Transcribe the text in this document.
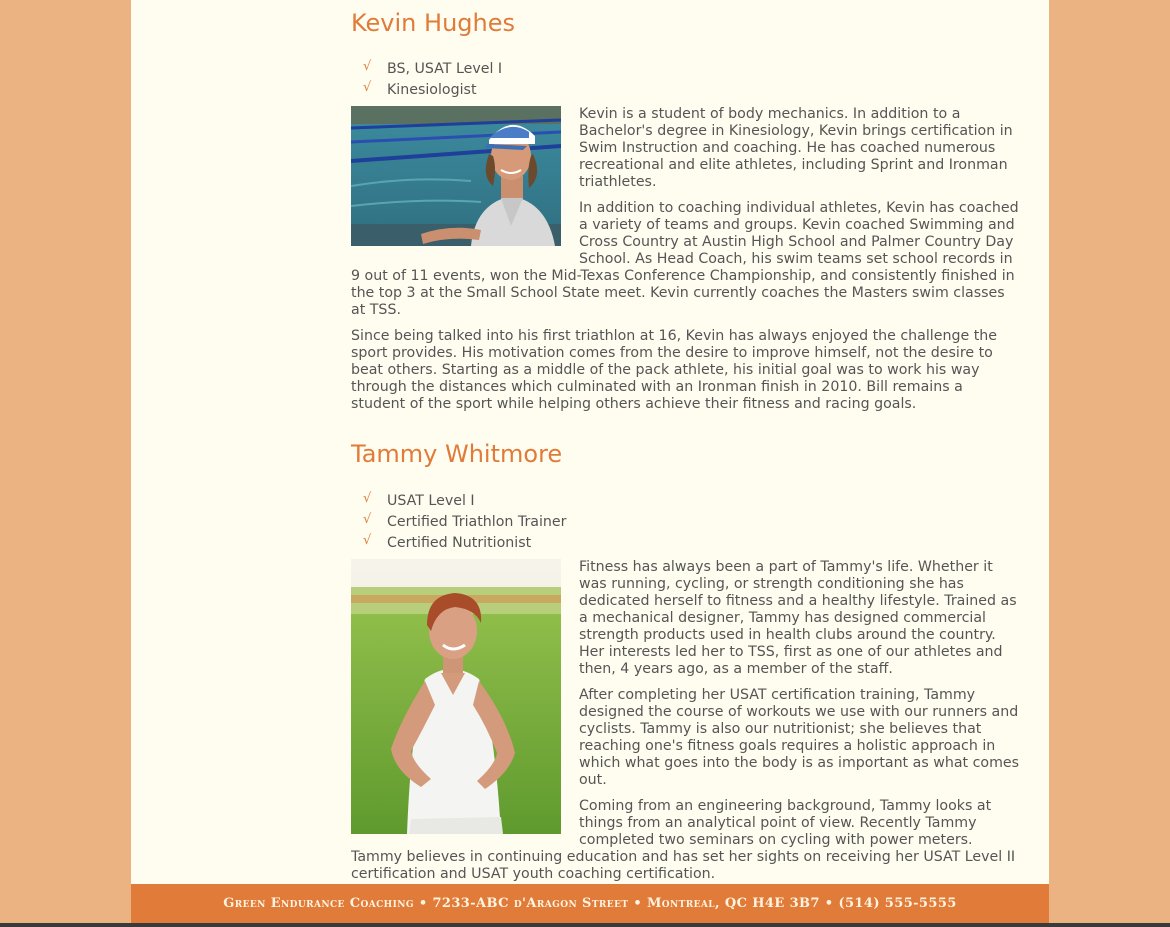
Kevin Hughes
√ BS, USAT Level I
√ Kinesiologist

Kevin is a student of body mechanics. In addition to a Bachelor's degree in Kinesiology, Kevin brings certification in Swim Instruction and coaching. He has coached numerous recreational and elite athletes, including Sprint and Ironman triathletes.

In addition to coaching individual athletes, Kevin has coached a variety of teams and groups. Kevin coached Swimming and Cross Country at Austin High School and Palmer Country Day School. As Head Coach, his swim teams set school records in 9 out of 11 events, won the Mid-Texas Conference Championship, and consistently finished in the top 3 at the Small School State meet. Kevin currently coaches the Masters swim classes at TSS.

Since being talked into his first triathlon at 16, Kevin has always enjoyed the challenge the sport provides. His motivation comes from the desire to improve himself, not the desire to beat others. Starting as a middle of the pack athlete, his initial goal was to work his way through the distances which culminated with an Ironman finish in 2010. Bill remains a student of the sport while helping others achieve their fitness and racing goals.

Tammy Whitmore
√ USAT Level I
√ Certified Triathlon Trainer
√ Certified Nutritionist

Fitness has always been a part of Tammy's life. Whether it was running, cycling, or strength conditioning she has dedicated herself to fitness and a healthy lifestyle. Trained as a mechanical designer, Tammy has designed commercial strength products used in health clubs around the country. Her interests led her to TSS, first as one of our athletes and then, 4 years ago, as a member of the staff.

After completing her USAT certification training, Tammy designed the course of workouts we use with our runners and cyclists. Tammy is also our nutritionist; she believes that reaching one's fitness goals requires a holistic approach in which what goes into the body is as important as what comes out.

Coming from an engineering background, Tammy looks at things from an analytical point of view. Recently Tammy completed two seminars on cycling with power meters. Tammy believes in continuing education and has set her sights on receiving her USAT Level II certification and USAT youth coaching certification.

Green Endurance Coaching • 7233-ABC d'Aragon Street • Montreal, QC H4E 3B7 • (514) 555-5555
